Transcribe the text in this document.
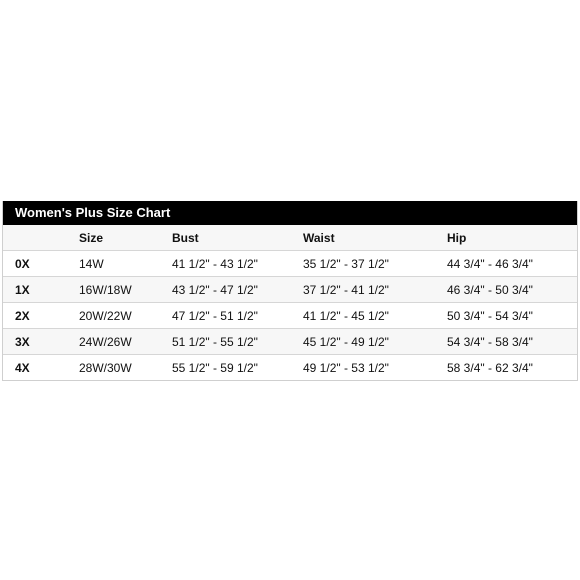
Women's Plus Size Chart
	Size	Bust	Waist	Hip
0X	14W	41 1/2" - 43 1/2"	35 1/2" - 37 1/2"	44 3/4" - 46 3/4"
1X	16W/18W	43 1/2" - 47 1/2"	37 1/2" - 41 1/2"	46 3/4" - 50 3/4"
2X	20W/22W	47 1/2" - 51 1/2"	41 1/2" - 45 1/2"	50 3/4" - 54 3/4"
3X	24W/26W	51 1/2" - 55 1/2"	45 1/2" - 49 1/2"	54 3/4" - 58 3/4"
4X	28W/30W	55 1/2" - 59 1/2"	49 1/2" - 53 1/2"	58 3/4" - 62 3/4"
